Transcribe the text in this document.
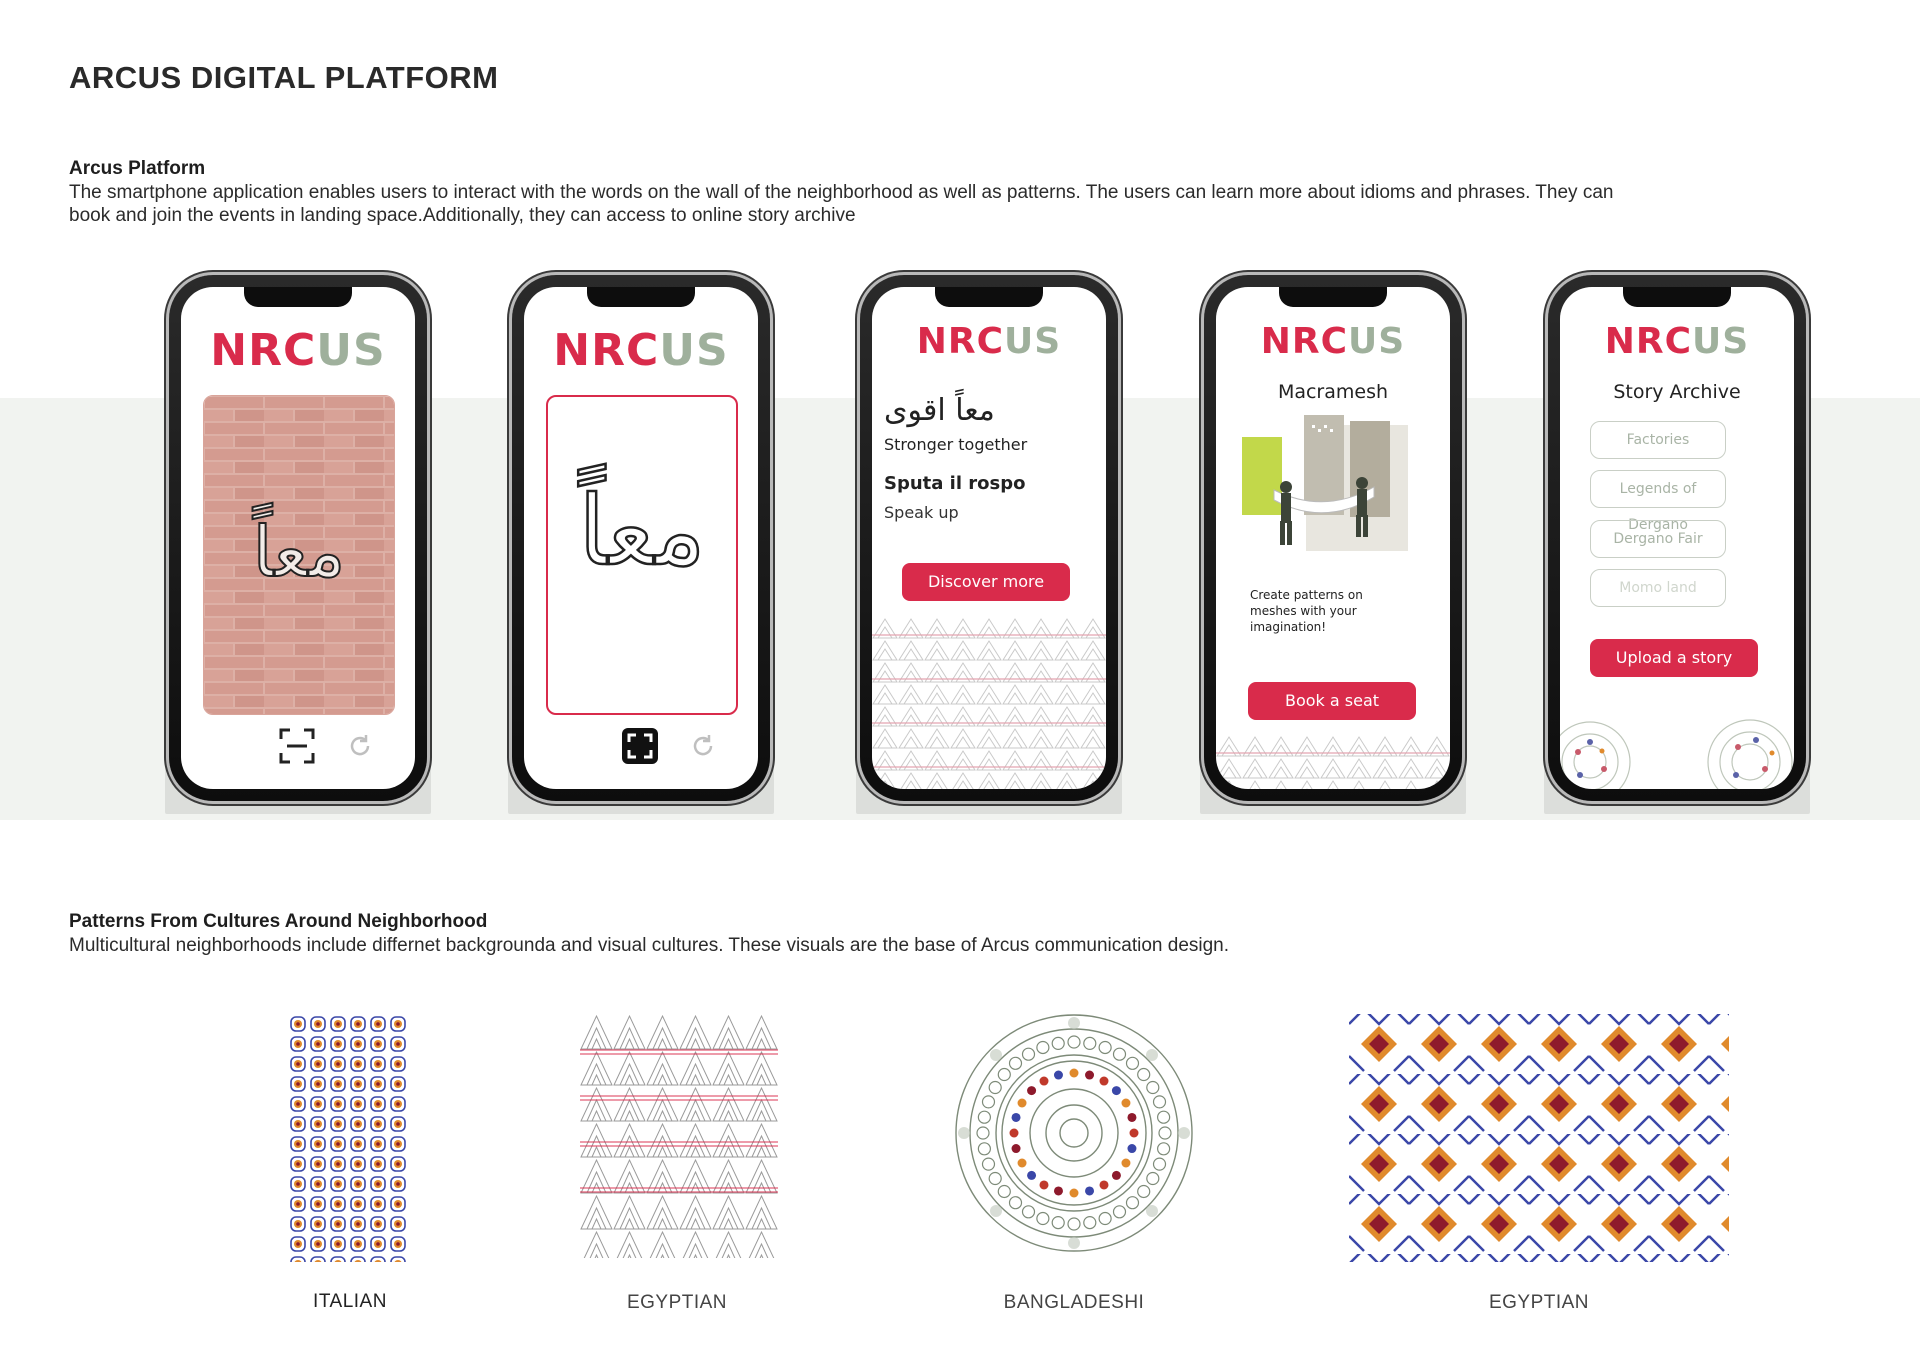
ARCUS DIGITAL PLATFORM
Arcus Platform
The smartphone application enables users to interact with the words on the wall of the neighborhood as well as patterns. The users can learn more about idioms and phrases. They can
book and join the events in landing space.Additionally, they can access to online story archive
NRCUS
معاً
NRCUS
معاً
NRCUS
معاً اقوى
Stronger together
Sputa il rospo
Speak up
Discover more
NRCUS
Macramesh
Create patterns on meshes with your imagination!
Book a seat
NRCUS
Story Archive
Factories
Legends of Dergano
Dergano Fair
Momo land
Upload a story
Patterns From Cultures Around Neighborhood
Multicultural neighborhoods include differnet backgrounda and visual cultures. These visuals are the base of Arcus communication design.
ITALIAN	EGYPTIAN	BANGLADESHI	EGYPTIAN
